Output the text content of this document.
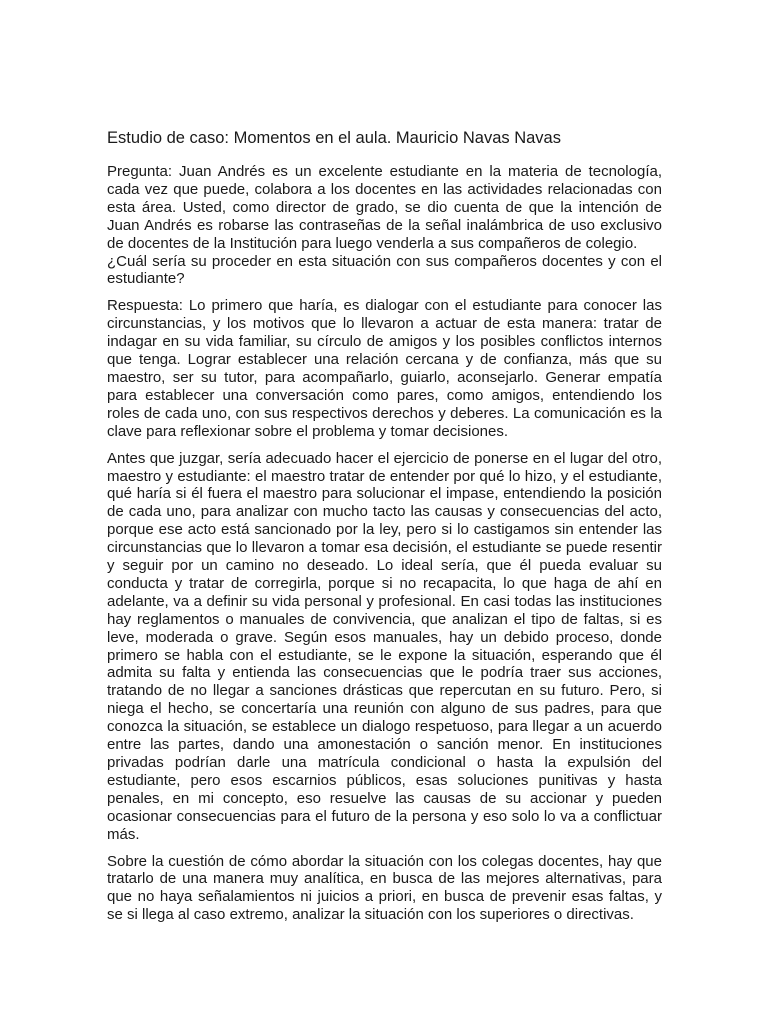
Estudio de caso: Momentos en el aula. Mauricio Navas Navas
Pregunta: Juan Andrés es un excelente estudiante en la materia de tecnología, cada vez que puede, colabora a los docentes en las actividades relacionadas con esta área. Usted, como director de grado, se dio cuenta de que la intención de Juan Andrés es robarse las contraseñas de la señal inalámbrica de uso exclusivo de docentes de la Institución para luego venderla a sus compañeros de colegio.
¿Cuál sería su proceder en esta situación con sus compañeros docentes y con el estudiante?
Respuesta: Lo primero que haría, es dialogar con el estudiante para conocer las circunstancias, y los motivos que lo llevaron a actuar de esta manera: tratar de indagar en su vida familiar, su círculo de amigos y los posibles conflictos internos que tenga. Lograr establecer una relación cercana y de confianza, más que su maestro, ser su tutor, para acompañarlo, guiarlo, aconsejarlo. Generar empatía para establecer una conversación como pares, como amigos, entendiendo los roles de cada uno, con sus respectivos derechos y deberes. La comunicación es la clave para reflexionar sobre el problema y tomar decisiones.
Antes que juzgar, sería adecuado hacer el ejercicio de ponerse en el lugar del otro, maestro y estudiante: el maestro tratar de entender por qué lo hizo, y el estudiante, qué haría si él fuera el maestro para solucionar el impase, entendiendo la posición de cada uno, para analizar con mucho tacto las causas y consecuencias del acto, porque ese acto está sancionado por la ley, pero si lo castigamos sin entender las circunstancias que lo llevaron a tomar esa decisión, el estudiante se puede resentir y seguir por un camino no deseado. Lo ideal sería, que él pueda evaluar su conducta y tratar de corregirla, porque si no recapacita, lo que haga de ahí en adelante, va a definir su vida personal y profesional. En casi todas las instituciones hay reglamentos o manuales de convivencia, que analizan el tipo de faltas, si es leve, moderada o grave. Según esos manuales, hay un debido proceso, donde primero se habla con el estudiante, se le expone la situación, esperando que él admita su falta y entienda las consecuencias que le podría traer sus acciones, tratando de no llegar a sanciones drásticas que repercutan en su futuro. Pero, si niega el hecho, se concertaría una reunión con alguno de sus padres, para que conozca la situación, se establece un dialogo respetuoso, para llegar a un acuerdo entre las partes, dando una amonestación o sanción menor. En instituciones privadas podrían darle una matrícula condicional o hasta la expulsión del estudiante, pero esos escarnios públicos, esas soluciones punitivas y hasta penales, en mi concepto, eso resuelve las causas de su accionar y pueden ocasionar consecuencias para el futuro de la persona y eso solo lo va a conflictuar más.
Sobre la cuestión de cómo abordar la situación con los colegas docentes, hay que tratarlo de una manera muy analítica, en busca de las mejores alternativas, para que no haya señalamientos ni juicios a priori, en busca de prevenir esas faltas, y se si llega al caso extremo, analizar la situación con los superiores o directivas.
